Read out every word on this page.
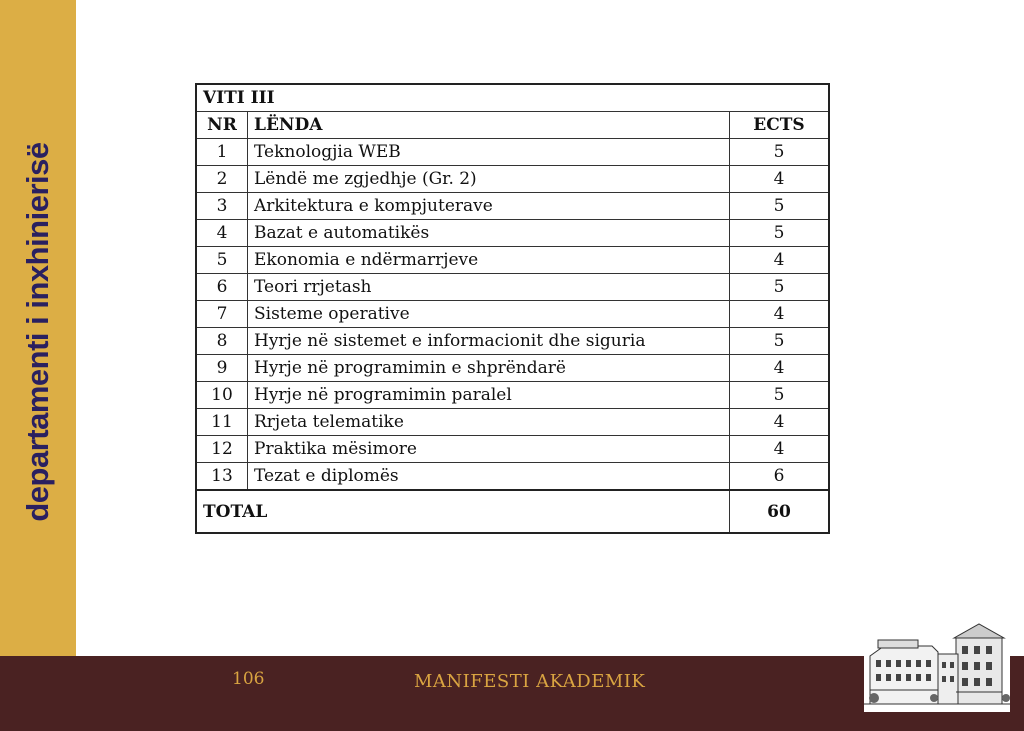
departamenti i inxhinierisë
VITI III		
NR	LËNDA	ECTS
1	Teknologjia WEB	5
2	Lëndë me zgjedhje (Gr. 2)	4
3	Arkitektura e kompjuterave	5
4	Bazat e automatikës	5
5	Ekonomia e ndërmarrjeve	4
6	Teori rrjetash	5
7	Sisteme operative	4
8	Hyrje në sistemet e informacionit dhe siguria	5
9	Hyrje në programimin e shprëndarë	4
10	Hyrje në programimin paralel	5
11	Rrjeta telematike	4
12	Praktika mësimore	4
13	Tezat e diplomës	6
TOTAL		60
106	MANIFESTI AKADEMIK
